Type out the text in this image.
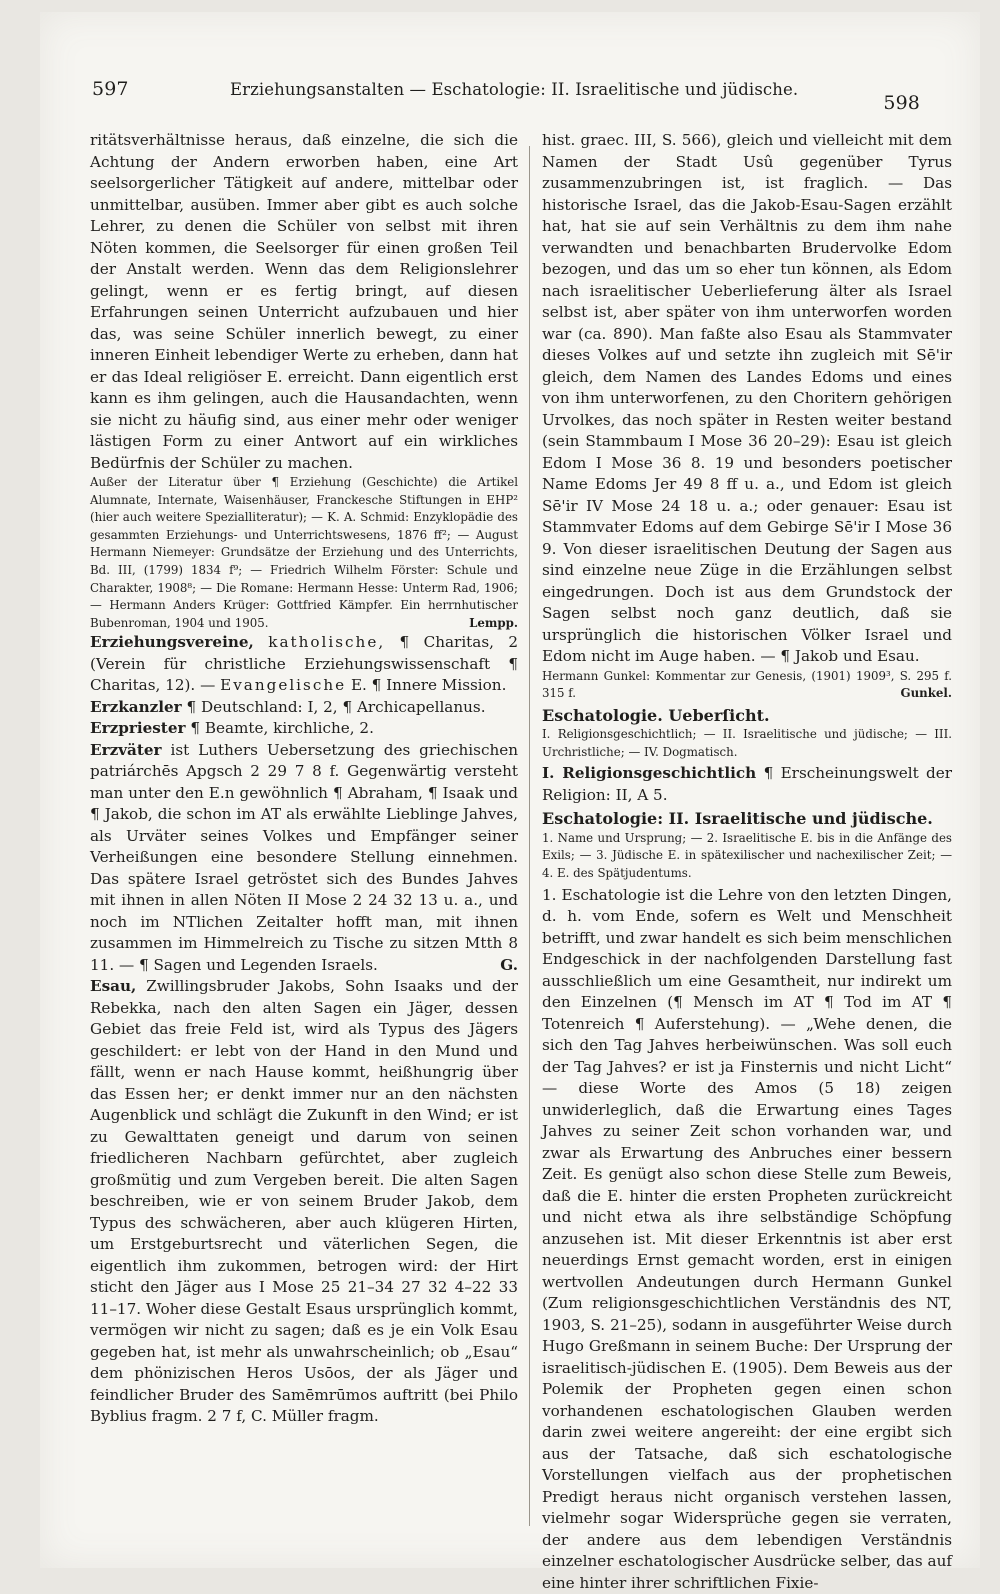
597	Erziehungsanstalten — Eschatologie: II. Israelitische und jüdische.
598

ritätsverhältnisse heraus, daß einzelne, die sich die Achtung der Andern erworben haben, eine Art seelsorgerlicher Tätigkeit auf andere, mittelbar oder unmittelbar, ausüben. Immer aber gibt es auch solche Lehrer, zu denen die Schüler von selbst mit ihren Nöten kommen, die Seelsorger für einen großen Teil der Anstalt werden. Wenn das dem Religionslehrer gelingt, wenn er es fertig bringt, auf diesen Erfahrungen seinen Unterricht aufzubauen und hier das, was seine Schüler innerlich bewegt, zu einer inneren Einheit lebendiger Werte zu erheben, dann hat er das Ideal religiöser E. erreicht. Dann eigentlich erst kann es ihm gelingen, auch die Hausandachten, wenn sie nicht zu häufig sind, aus einer mehr oder weniger lästigen Form zu einer Antwort auf ein wirkliches Bedürfnis der Schüler zu machen.

Außer der Literatur über ¶ Erziehung (Geschichte) die Artikel Alumnate, Internate, Waisenhäuser, Franckesche Stiftungen in EHP² (hier auch weitere Spezialliteratur); — K. A. Schmid: Enzyklopädie des gesammten Erziehungs- und Unterrichtswesens, 1876 ff²; — August Hermann Niemeyer: Grundsätze der Erziehung und des Unterrichts, Bd. III, (1799) 1834 f⁹; — Friedrich Wilhelm Förster: Schule und Charakter, 1908⁸; — Die Romane: Hermann Hesse: Unterm Rad, 1906; — Hermann Anders Krüger: Gottfried Kämpfer. Ein herrnhutischer Bubenroman, 1904 und 1905.	Lempp.

Erziehungsvereine, katholische, ¶ Charitas, 2 (Verein für christliche Erziehungswissenschaft ¶ Charitas, 12). — Evangelische E. ¶ Innere Mission.

Erzkanzler ¶ Deutschland: I, 2, ¶ Archicapellanus.

Erzpriester ¶ Beamte, kirchliche, 2.

Erzväter ist Luthers Uebersetzung des griechischen patriárchēs Apgsch 2 29 7 8 f. Gegenwärtig versteht man unter den E.n gewöhnlich ¶ Abraham, ¶ Isaak und ¶ Jakob, die schon im AT als erwählte Lieblinge Jahves, als Urväter seines Volkes und Empfänger seiner Verheißungen eine besondere Stellung einnehmen. Das spätere Israel getröstet sich des Bundes Jahves mit ihnen in allen Nöten II Mose 2 24 32 13 u. a., und noch im NTlichen Zeitalter hofft man, mit ihnen zusammen im Himmelreich zu Tische zu sitzen Mtth 8 11. — ¶ Sagen und Legenden Israels.	G.

Esau, Zwillingsbruder Jakobs, Sohn Isaaks und der Rebekka, nach den alten Sagen ein Jäger, dessen Gebiet das freie Feld ist, wird als Typus des Jägers geschildert: er lebt von der Hand in den Mund und fällt, wenn er nach Hause kommt, heißhungrig über das Essen her; er denkt immer nur an den nächsten Augenblick und schlägt die Zukunft in den Wind; er ist zu Gewalttaten geneigt und darum von seinen friedlicheren Nachbarn gefürchtet, aber zugleich großmütig und zum Vergeben bereit. Die alten Sagen beschreiben, wie er von seinem Bruder Jakob, dem Typus des schwächeren, aber auch klügeren Hirten, um Erstgeburtsrecht und väterlichen Segen, die eigentlich ihm zukommen, betrogen wird: der Hirt sticht den Jäger aus I Mose 25 21–34 27 32 4–22 33 11–17. Woher diese Gestalt Esaus ursprünglich kommt, vermögen wir nicht zu sagen; daß es je ein Volk Esau gegeben hat, ist mehr als unwahrscheinlich; ob „Esau“ dem phönizischen Heros Usōos, der als Jäger und feindlicher Bruder des Samēmrūmos auftritt (bei Philo Byblius fragm. 2 7 f, C. Müller fragm.

hist. graec. III, S. 566), gleich und vielleicht mit dem Namen der Stadt Usû gegenüber Tyrus zusammenzubringen ist, ist fraglich. — Das historische Israel, das die Jakob-Esau-Sagen erzählt hat, hat sie auf sein Verhältnis zu dem ihm nahe verwandten und benachbarten Brudervolke Edom bezogen, und das um so eher tun können, als Edom nach israelitischer Ueberlieferung älter als Israel selbst ist, aber später von ihm unterworfen worden war (ca. 890). Man faßte also Esau als Stammvater dieses Volkes auf und setzte ihn zugleich mit Sē'ir gleich, dem Namen des Landes Edoms und eines von ihm unterworfenen, zu den Choritern gehörigen Urvolkes, das noch später in Resten weiter bestand (sein Stammbaum I Mose 36 20–29): Esau ist gleich Edom I Mose 36 8. 19 und besonders poetischer Name Edoms Jer 49 8 ff u. a., und Edom ist gleich Sē'ir IV Mose 24 18 u. a.; oder genauer: Esau ist Stammvater Edoms auf dem Gebirge Sē'ir I Mose 36 9. Von dieser israelitischen Deutung der Sagen aus sind einzelne neue Züge in die Erzählungen selbst eingedrungen. Doch ist aus dem Grundstock der Sagen selbst noch ganz deutlich, daß sie ursprünglich die historischen Völker Israel und Edom nicht im Auge haben. — ¶ Jakob und Esau.

Hermann Gunkel: Kommentar zur Genesis, (1901) 1909³, S. 295 f. 315 f.	Gunkel.

Eschatologie. Ueberſicht.

I. Religionsgeschichtlich; — II. Israelitische und jüdische; — III. Urchristliche; — IV. Dogmatisch.

I. Religionsgeschichtlich ¶ Erscheinungswelt der Religion: II, A 5.

Eschatologie: II. Israelitische und jüdische.

1. Name und Ursprung; — 2. Israelitische E. bis in die Anfänge des Exils; — 3. Jüdische E. in spätexilischer und nachexilischer Zeit; — 4. E. des Spätjudentums.

1. Eschatologie ist die Lehre von den letzten Dingen, d. h. vom Ende, sofern es Welt und Menschheit betrifft, und zwar handelt es sich beim menschlichen Endgeschick in der nachfolgenden Darstellung fast ausschließlich um eine Gesamtheit, nur indirekt um den Einzelnen (¶ Mensch im AT ¶ Tod im AT ¶ Totenreich ¶ Auferstehung). — „Wehe denen, die sich den Tag Jahves herbeiwünschen. Was soll euch der Tag Jahves? er ist ja Finsternis und nicht Licht“ — diese Worte des Amos (5 18) zeigen unwiderleglich, daß die Erwartung eines Tages Jahves zu seiner Zeit schon vorhanden war, und zwar als Erwartung des Anbruches einer bessern Zeit. Es genügt also schon diese Stelle zum Beweis, daß die E. hinter die ersten Propheten zurückreicht und nicht etwa als ihre selbständige Schöpfung anzusehen ist. Mit dieser Erkenntnis ist aber erst neuerdings Ernst gemacht worden, erst in einigen wertvollen Andeutungen durch Hermann Gunkel (Zum religionsgeschichtlichen Verständnis des NT, 1903, S. 21–25), sodann in ausgeführter Weise durch Hugo Greßmann in seinem Buche: Der Ursprung der israelitisch-jüdischen E. (1905). Dem Beweis aus der Polemik der Propheten gegen einen schon vorhandenen eschatologischen Glauben werden darin zwei weitere angereiht: der eine ergibt sich aus der Tatsache, daß sich eschatologische Vorstellungen vielfach aus der prophetischen Predigt heraus nicht organisch verstehen lassen, vielmehr sogar Widersprüche gegen sie verraten, der andere aus dem lebendigen Verständnis einzelner eschatologischer Ausdrücke selber, das auf eine hinter ihrer schriftlichen Fixie-
